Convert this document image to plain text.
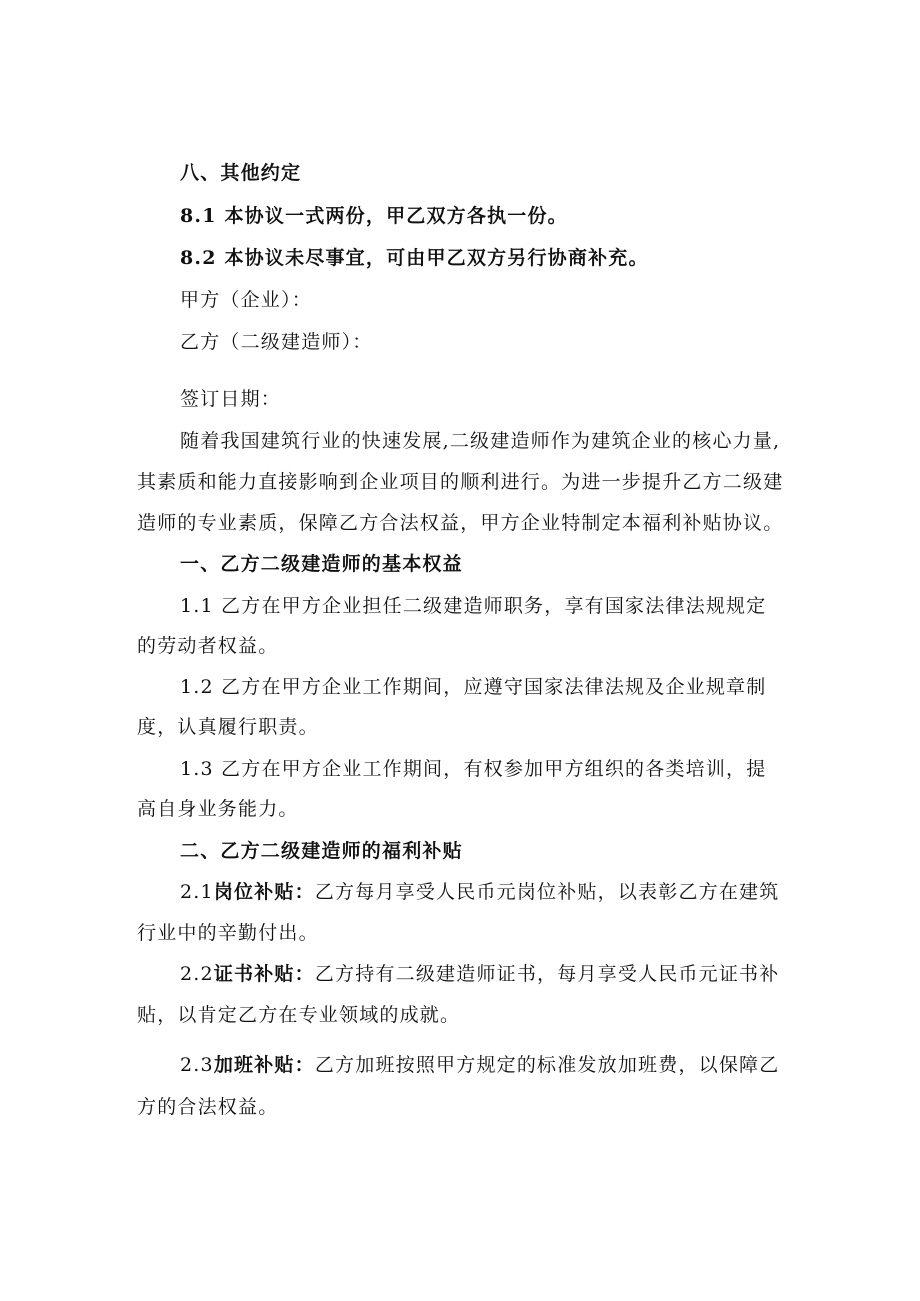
八、其他约定
8.1 本协议一式两份，甲乙双方各执一份。
8.2 本协议未尽事宜，可由甲乙双方另行协商补充。
甲方（企业）：
乙方（二级建造师）：
签订日期：
随着我国建筑行业的快速发展,二级建造师作为建筑企业的核心力量,
其素质和能力直接影响到企业项目的顺利进行。为进一步提升乙方二级建
造师的专业素质，保障乙方合法权益，甲方企业特制定本福利补贴协议。
一、乙方二级建造师的基本权益
1.1 乙方在甲方企业担任二级建造师职务，享有国家法律法规规定
的劳动者权益。
1.2 乙方在甲方企业工作期间，应遵守国家法律法规及企业规章制
度，认真履行职责。
1.3 乙方在甲方企业工作期间，有权参加甲方组织的各类培训，提
高自身业务能力。
二、乙方二级建造师的福利补贴
2.1岗位补贴：乙方每月享受人民币元岗位补贴，以表彰乙方在建筑
行业中的辛勤付出。
2.2证书补贴：乙方持有二级建造师证书，每月享受人民币元证书补
贴，以肯定乙方在专业领域的成就。
2.3加班补贴：乙方加班按照甲方规定的标准发放加班费，以保障乙
方的合法权益。
